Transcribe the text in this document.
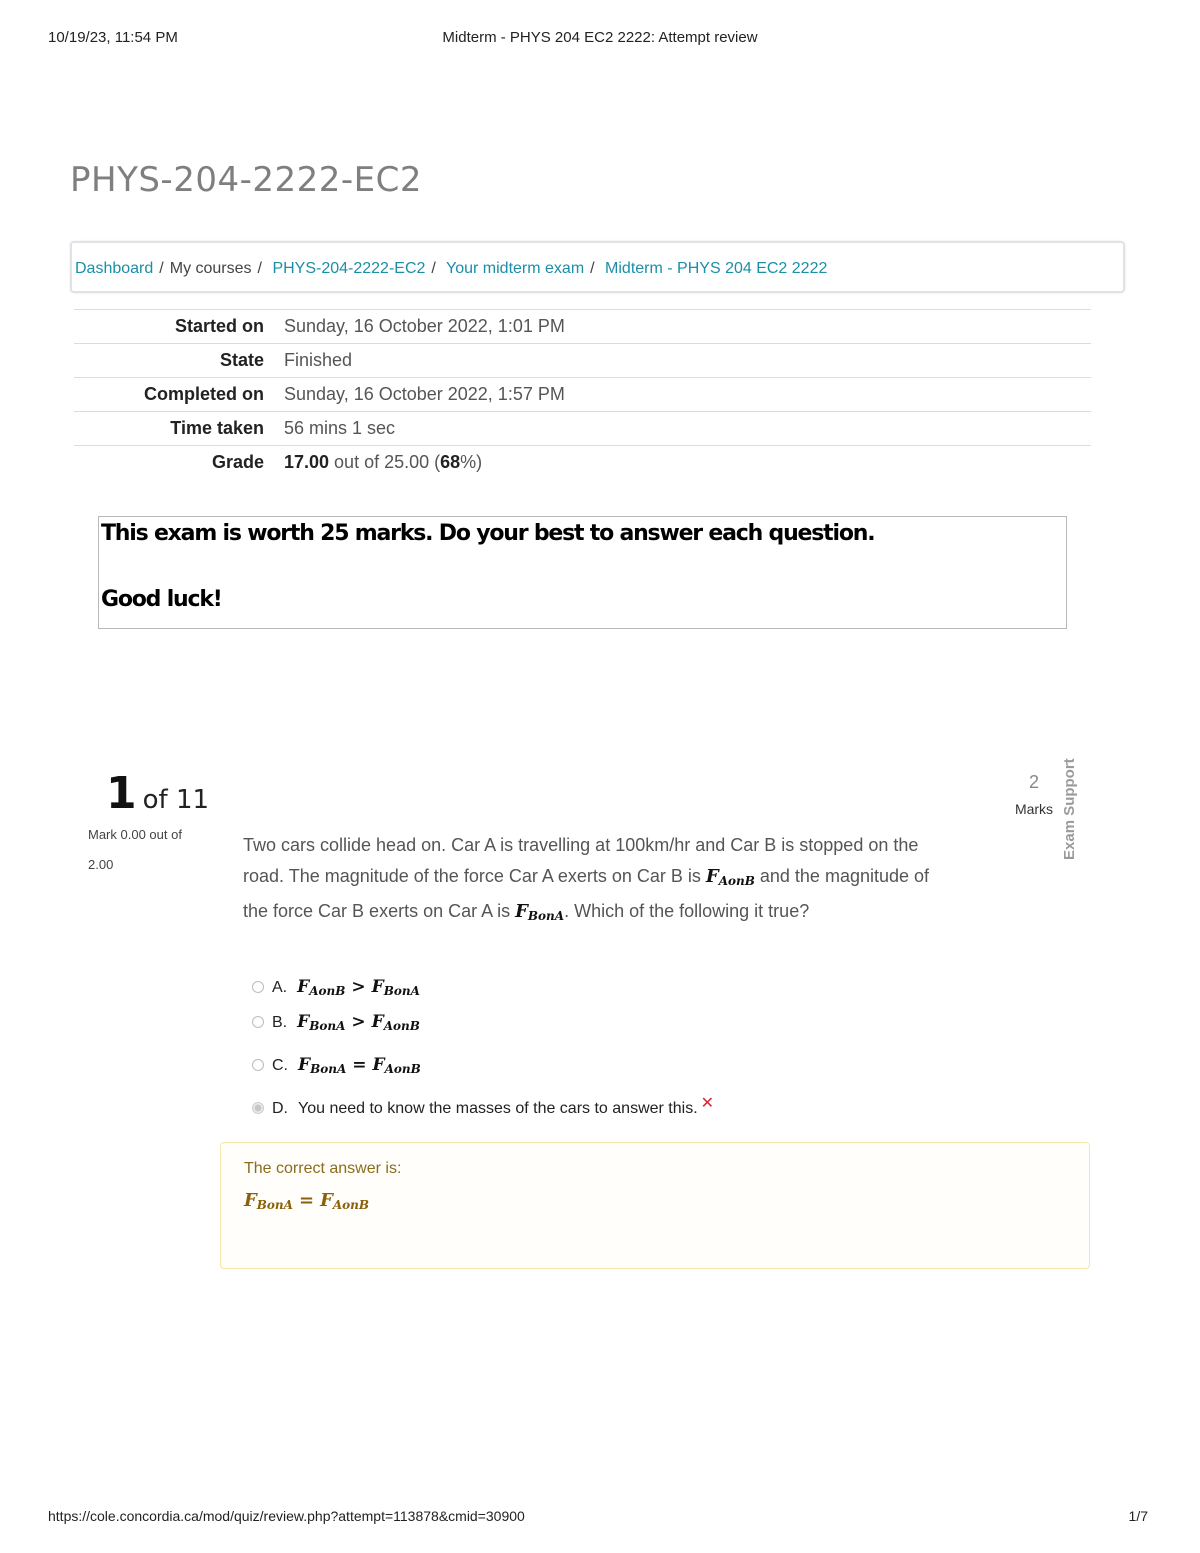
10/19/23, 11:54 PM	Midterm - PHYS 204 EC2 2222: Attempt review
PHYS-204-2222-EC2
Dashboard / My courses / PHYS-204-2222-EC2 / Your midterm exam / Midterm - PHYS 204 EC2 2222
Started on	Sunday, 16 October 2022, 1:01 PM
State	Finished
Completed on	Sunday, 16 October 2022, 1:57 PM
Time taken	56 mins 1 sec
Grade	17.00 out of 25.00 (68%)

This exam is worth 25 marks. Do your best to answer each question.

Good luck!

1 of 11
Mark 0.00 out of 2.00
2
Marks Exam Support
Two cars collide head on. Car A is travelling at 100km/hr and Car B is stopped on the road. The magnitude of the force Car A exerts on Car B is $F_{AonB}$ and the magnitude of the force Car B exerts on Car A is $F_{BonA}$. Which of the following it true?
A. $F_{AonB} > F_{BonA}$
B. $F_{BonA} > F_{AonB}$
C. $F_{BonA} = F_{AonB}$
D. You need to know the masses of the cars to answer this. ✕
The correct answer is:
$F_{BonA} = F_{AonB}$
https://cole.concordia.ca/mod/quiz/review.php?attempt=113878&cmid=30900	1/7
